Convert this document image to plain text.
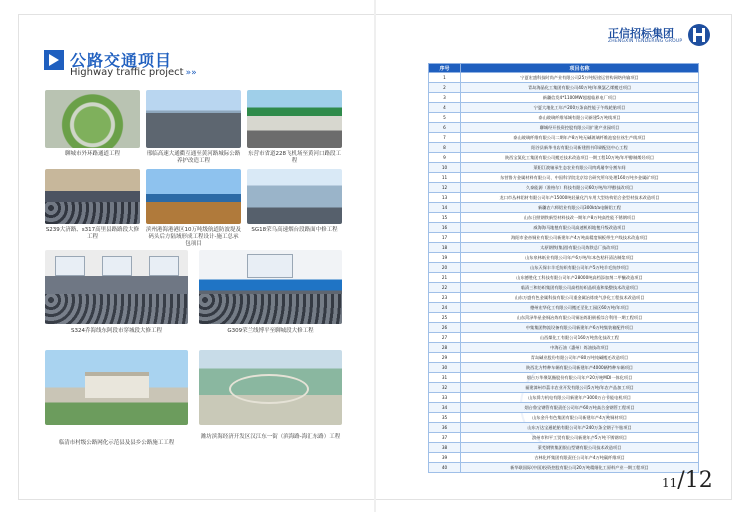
公路交通项目
Highway traffic project »»
聊城市外环路通道工程	邢临高速大通衢互通至黄河路城际公路养护改造工程
东营市省道228飞机场至黄河口路段工程
S239大济路、s317高里县路路段大修工程
滨州港海港港区10万吨级航道防波堤及码头后方陆域形成工程设计-施工总承包项目
SG18荣乌高速烟台段路面中修工程
S324乔海线东阿段市穿城段大修工程	G309荣兰线博平至聊城段大修工程
临清市村级公路网化示范县及县乡公路施工工程
潍坊滨海经济开发区汉江东一街（滨海路-海汇东路）工程
正信招标集团
ZHENGXIN TENDERING GROUP
序号	项目名称
1	宁夏宏盛科技时尚产业有限公司25万吨短途运营构网络传输项目
2	青岛海晶化工集团有限公司40万吨/年聚氯乙烯搬迁项目
3	新疆信发4*1100MW超超临界电厂项目
4	宁夏大地化工年产200万条高性能子午线轮胎项目
5	泰山玻璃纤维邹城有限公司新建5万吨线项目
6	聊城经开投资控股有限公司扩建产业园项目
7	泰山玻璃纤维有限公司二期年产8万吨无碱玻璃纤维池窑拉丝生产线项目
8	阳谷县新华书店有限公司新建图书印刷配送中心工程
9	陕西宝氮化工集团有限公司搬迁技术改造项目一期工程10万吨/年甲醇制烯烃项目
10	莱阳江波轴承生态农业有限公司肉鸡屠宰分割车间
11	东营鲁方金属材料有限公司、中国科学院北京综合研究所年处理160万吨多金属矿项目
12	久泰能源（准格尔）科技有限公司60万吨/年甲醇技改项目
13	龙口市丛林铝材有限公司年产15000吨轻量化汽车用大型结构铝合金型材技术改造项目
14	新疆农六师铝业有限公司300kt/a电解铝工程
15	山东日照钢铁新型材料技改一期年产8万吨高性能不锈钢项目
16	威海海马地毯有限公司高速机织地毯升级改造项目
17	海阳市金帝铜业有限公司新建年产4万吨高精度铜板带生产线技术改造项目
18	太原钢铁(集团)有限公司炼铁总厂技改项目
19	山东泉林纸业有限公司年产6万吨/年本色秸秆清洁制浆项目
20	山东天保丰羊毛纺织有限公司年产5万吨羊毛纺纱项目
21	山东德胜化工科技有限公司年产28000吨高档添加剂二甲醚改造项目
22	临清三和纺织集团有限公司高档纺织品织造和染整技术改造项目
23	山东万盛有色金属科技有限公司重金属冶炼废气净化工程技术改造项目
24	德州宏华化工有限公司搬迁至化工园区60万吨/年项目
25	山东菏泽华星金铜冶炼有限公司铜冶炼阳极板综合利用一期工程项目
26	中集集团物流设备有限公司新建年产6万吨集装箱配件项目
27	山西煤化工有限公司160万吨焦化技改工程
28	中海石油（惠州）炼油技改项目
29	青岛碱业股份有限公司年产80万吨纯碱搬迁改造项目
30	陕西北方特种车辆有限公司新建年产4000辆特种车辆项目
31	烟台万华聚氨酯股份有限公司年产20万吨MDI一体化项目
32	福建漳州市荔丰农业开发有限公司5万吨/年农产品加工项目
33	山东舜力机电有限公司新建年产3000万台节能电机项目
34	烟台鲁宝钢管有限责任公司年产60万吨高合金钢管工程项目
35	山东金升有色集团有限公司新建年产4万吨铜材项目
36	山东万达宝通轮胎有限公司年产240万条全钢子午胎项目
37	滨州市和平工贸有限公司新建年产5万吨不锈钢项目
38	莱芜钢铁集团银山型钢有限公司技术改造项目
39	吉林化纤集团有限责任公司年产4万吨碳纤维项目
40	新华联国际(中国)投资控股有限公司20万吨精细化工原料产业一期工程项目
11/12
